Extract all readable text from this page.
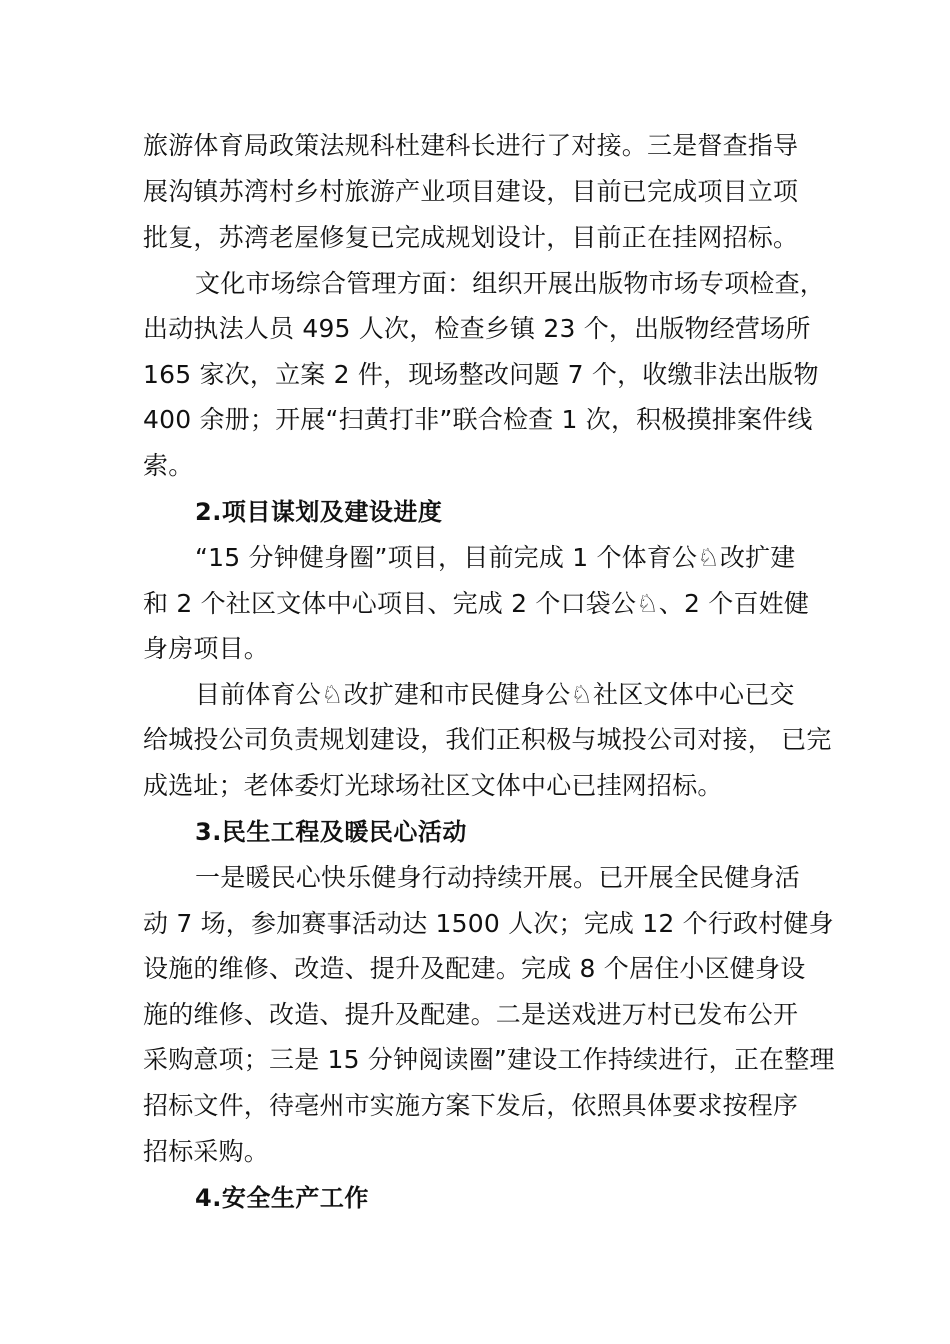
旅游体育局政策法规科杜建科长进行了对接。三是督查指导
展沟镇苏湾村乡村旅游产业项目建设，目前已完成项目立项
批复，苏湾老屋修复已完成规划设计，目前正在挂网招标。
文化市场综合管理方面：组织开展出版物市场专项检查，
出动执法人员 495 人次，检查乡镇 23 个，出版物经营场所
165 家次，立案 2 件，现场整改问题 7 个，收缴非法出版物
400 余册；开展“扫黄打非”联合检查 1 次，积极摸排案件线
索。
2.项目谋划及建设进度
“15 分钟健身圈”项目，目前完成 1 个体育公♘改扩建
和 2 个社区文体中心项目、完成 2 个口袋公♘、2 个百姓健
身房项目。
目前体育公♘改扩建和市民健身公♘社区文体中心已交
给城投公司负责规划建设，我们正积极与城投公司对接， 已完
成选址；老体委灯光球场社区文体中心已挂网招标。
3.民生工程及暖民心活动
一是暖民心快乐健身行动持续开展。已开展全民健身活
动 7 场，参加赛事活动达 1500 人次；完成 12 个行政村健身
设施的维修、改造、提升及配建。完成 8 个居住小区健身设
施的维修、改造、提升及配建。二是送戏进万村已发布公开
采购意项；三是 15 分钟阅读圈”建设工作持续进行，正在整理
招标文件，待亳州市实施方案下发后，依照具体要求按程序
招标采购。
4.安全生产工作
